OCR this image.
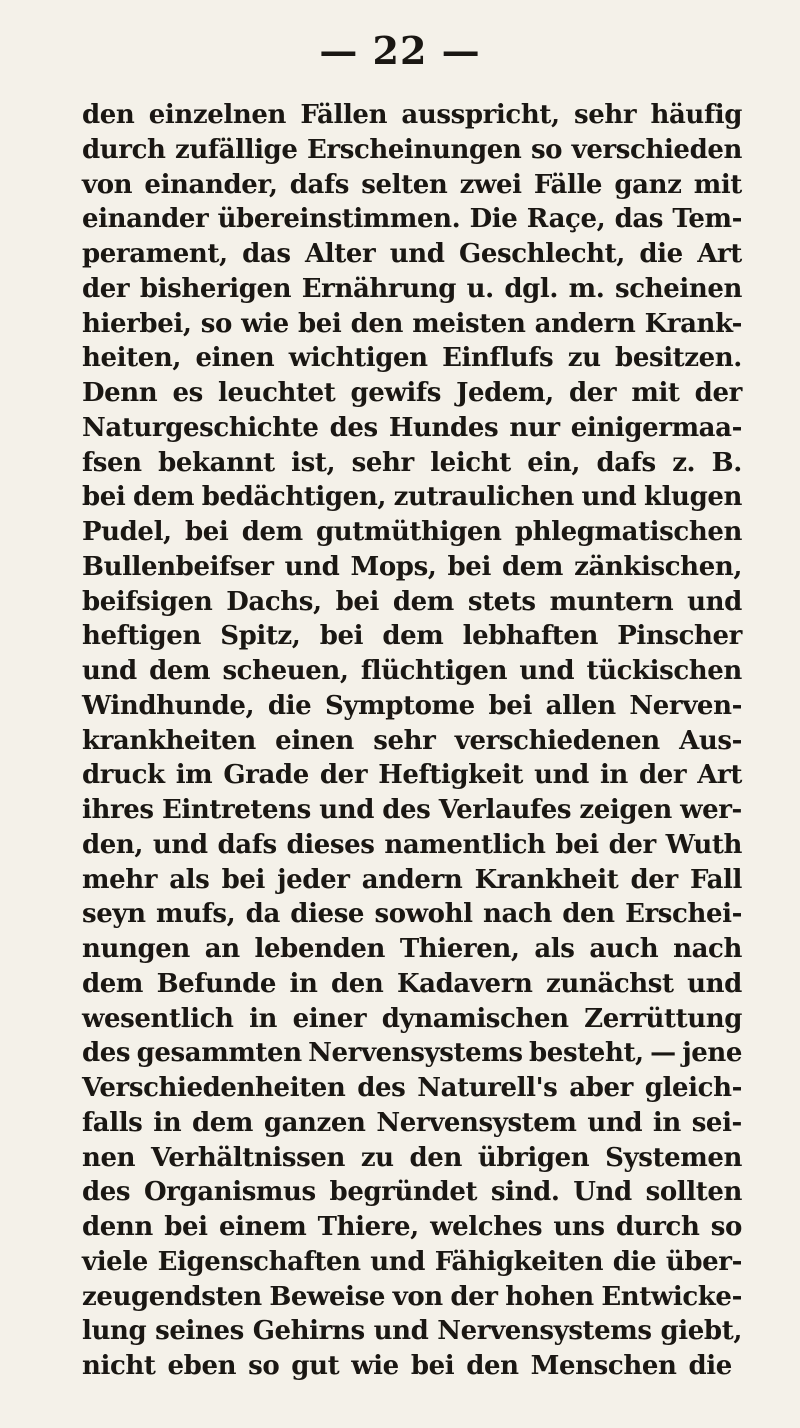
— 22 —
den einzelnen Fällen ausspricht, sehr häufig
durch zufällige Erscheinungen so verschieden
von einander, dafs selten zwei Fälle ganz mit
einander übereinstimmen. Die Raçe, das Tem-
perament, das Alter und Geschlecht, die Art
der bisherigen Ernährung u. dgl. m. scheinen
hierbei, so wie bei den meisten andern Krank-
heiten, einen wichtigen Einflufs zu besitzen.
Denn es leuchtet gewifs Jedem, der mit der
Naturgeschichte des Hundes nur einigermaa-
fsen bekannt ist, sehr leicht ein, dafs z. B.
bei dem bedächtigen, zutraulichen und klugen
Pudel, bei dem gutmüthigen phlegmatischen
Bullenbeifser und Mops, bei dem zänkischen,
beifsigen Dachs, bei dem stets muntern und
heftigen Spitz, bei dem lebhaften Pinscher
und dem scheuen, flüchtigen und tückischen
Windhunde, die Symptome bei allen Nerven-
krankheiten einen sehr verschiedenen Aus-
druck im Grade der Heftigkeit und in der Art
ihres Eintretens und des Verlaufes zeigen wer-
den, und dafs dieses namentlich bei der Wuth
mehr als bei jeder andern Krankheit der Fall
seyn mufs, da diese sowohl nach den Erschei-
nungen an lebenden Thieren, als auch nach
dem Befunde in den Kadavern zunächst und
wesentlich in einer dynamischen Zerrüttung
des gesammten Nervensystems besteht, — jene
Verschiedenheiten des Naturell's aber gleich-
falls in dem ganzen Nervensystem und in sei-
nen Verhältnissen zu den übrigen Systemen
des Organismus begründet sind. Und sollten
denn bei einem Thiere, welches uns durch so
viele Eigenschaften und Fähigkeiten die über-
zeugendsten Beweise von der hohen Entwicke-
lung seines Gehirns und Nervensystems giebt,
nicht eben so gut wie bei den Menschen die
